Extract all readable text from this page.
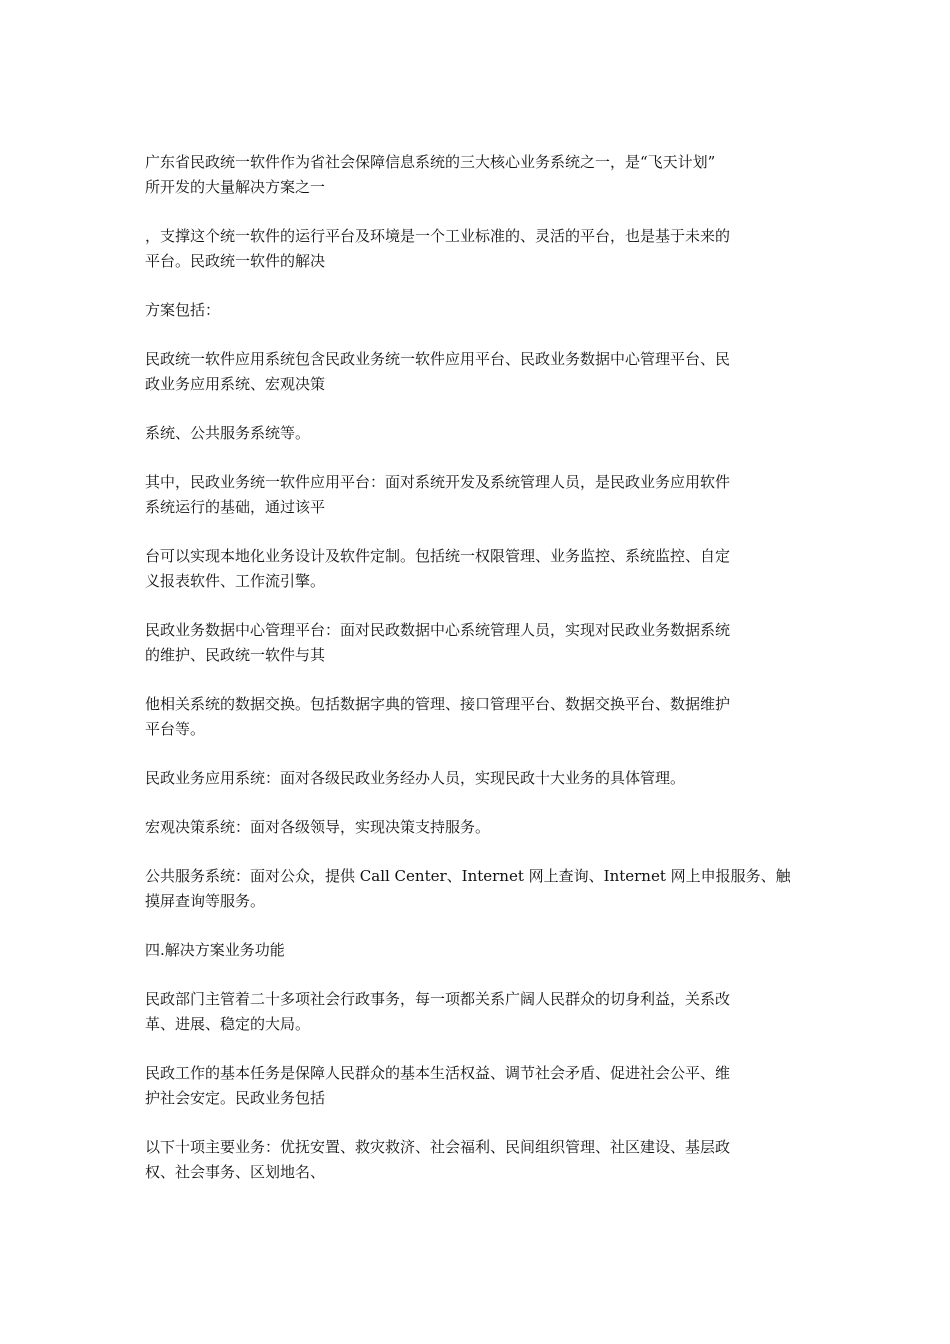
广东省民政统一软件作为省社会保障信息系统的三大核心业务系统之一，是“飞天计划”
所开发的大量解决方案之一

，支撑这个统一软件的运行平台及环境是一个工业标准的、灵活的平台，也是基于未来的
平台。民政统一软件的解决

方案包括：

民政统一软件应用系统包含民政业务统一软件应用平台、民政业务数据中心管理平台、民
政业务应用系统、宏观决策

系统、公共服务系统等。

其中，民政业务统一软件应用平台：面对系统开发及系统管理人员，是民政业务应用软件
系统运行的基础，通过该平

台可以实现本地化业务设计及软件定制。包括统一权限管理、业务监控、系统监控、自定
义报表软件、工作流引擎。

民政业务数据中心管理平台：面对民政数据中心系统管理人员，实现对民政业务数据系统
的维护、民政统一软件与其

他相关系统的数据交换。包括数据字典的管理、接口管理平台、数据交换平台、数据维护
平台等。

民政业务应用系统：面对各级民政业务经办人员，实现民政十大业务的具体管理。

宏观决策系统：面对各级领导，实现决策支持服务。

公共服务系统：面对公众，提供 Call Center、Internet 网上查询、Internet 网上申报服务、触
摸屏查询等服务。

四.解决方案业务功能

民政部门主管着二十多项社会行政事务，每一项都关系广阔人民群众的切身利益，关系改
革、进展、稳定的大局。

民政工作的基本任务是保障人民群众的基本生活权益、调节社会矛盾、促进社会公平、维
护社会安定。民政业务包括

以下十项主要业务：优抚安置、救灾救济、社会福利、民间组织管理、社区建设、基层政
权、社会事务、区划地名、
